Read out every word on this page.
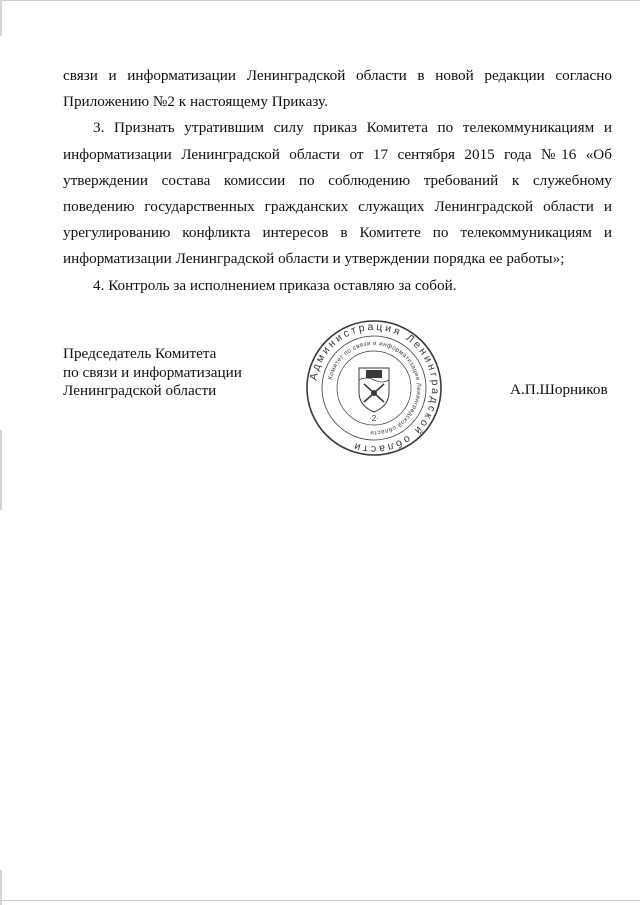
связи и информатизации Ленинградской области в новой редакции согласно Приложению №2 к настоящему Приказу.

3. Признать утратившим силу приказ Комитета по телекоммуникациям и информатизации Ленинградской области от 17 сентября 2015 года №16 «Об утверждении состава комиссии по соблюдению требований к служебному поведению государственных гражданских служащих Ленинградской области и урегулированию конфликта интересов в Комитете по телекоммуникациям и информатизации Ленинградской области и утверждении порядка ее работы»;

4. Контроль за исполнением приказа оставляю за собой.

Председатель Комитета
по связи и информатизации
Ленинградской области	А.П.Шорников
Администрация Ленинградской области
Комитет по связи и информатизации Ленинградской области
·2·
